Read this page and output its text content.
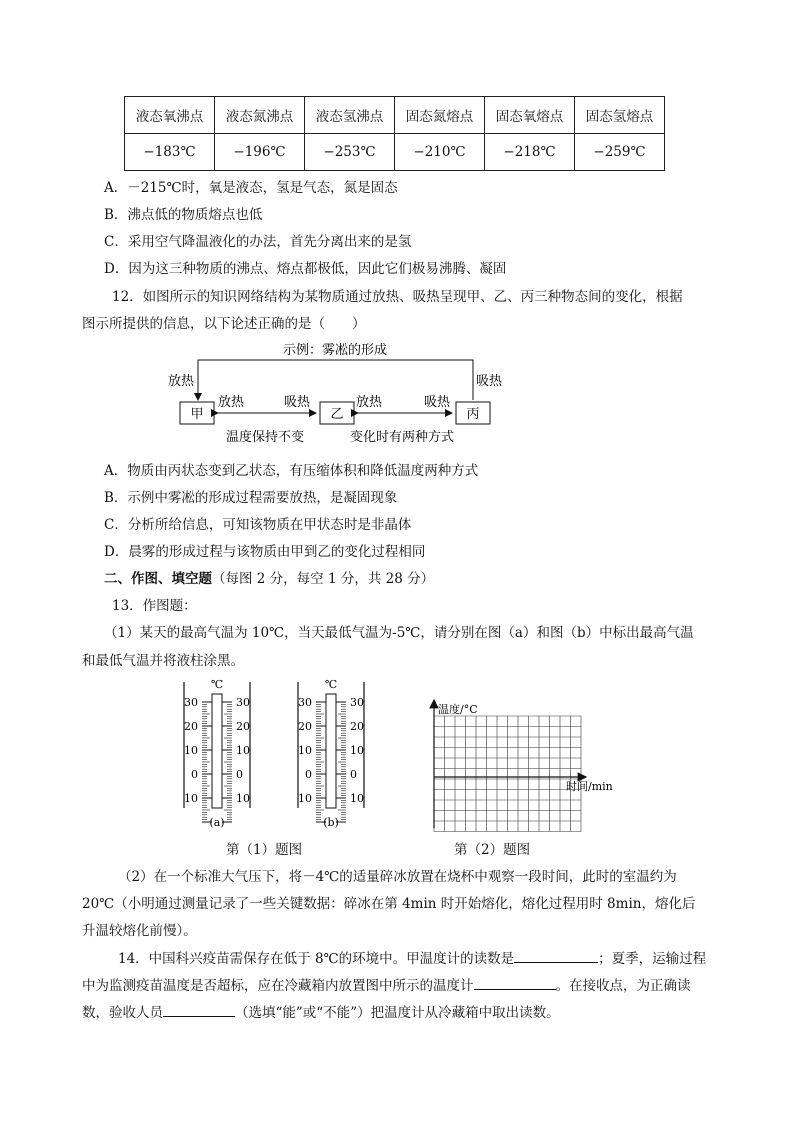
液态氧沸点	液态氮沸点	液态氢沸点	固态氮熔点	固态氧熔点	固态氢熔点
−183℃	−196℃	−253℃	−210℃	−218℃	−259℃
A．－215℃时，氧是液态，氢是气态，氮是固态
B．沸点低的物质熔点也低
C．采用空气降温液化的办法，首先分离出来的是氢
D．因为这三种物质的沸点、熔点都极低，因此它们极易沸腾、凝固
12．如图所示的知识网络结构为某物质通过放热、吸热呈现甲、乙、丙三种物态间的变化，根据
图示所提供的信息，以下论述正确的是（　　）
示例：雾凇的形成
放热	吸热
甲	乙	丙
放热	吸热	放热	吸热
温度保持不变	变化时有两种方式
A．物质由丙状态变到乙状态，有压缩体积和降低温度两种方式
B．示例中雾凇的形成过程需要放热，是凝固现象
C．分析所给信息，可知该物质在甲状态时是非晶体
D．晨雾的形成过程与该物质由甲到乙的变化过程相同
二、作图、填空题（每图 2 分，每空 1 分，共 28 分）
13．作图题：
（1）某天的最高气温为 10℃，当天最低气温为-5℃，请分别在图（a）和图（b）中标出最高气温
和最低气温并将液柱涂黑。
℃
30
20
10
0
10
30
20
10
0
10
(a)
℃
30
20
10
0
10
30
20
10
0
10
(b)
温度/°C
时间/min
第（1）题图	第（2）题图
（2）在一个标准大气压下，将－4℃的适量碎冰放置在烧杯中观察一段时间，此时的室温约为
20℃（小明通过测量记录了一些关键数据：碎冰在第 4min 时开始熔化，熔化过程用时 8min，熔化后
升温较熔化前慢）。
14．中国科兴疫苗需保存在低于 8℃的环境中。甲温度计的读数是	；夏季，运输过程
中为监测疫苗温度是否超标，应在冷藏箱内放置图中所示的温度计	。在接收点，为正确读
数，验收人员	（选填“能”或“不能”）把温度计从冷藏箱中取出读数。
